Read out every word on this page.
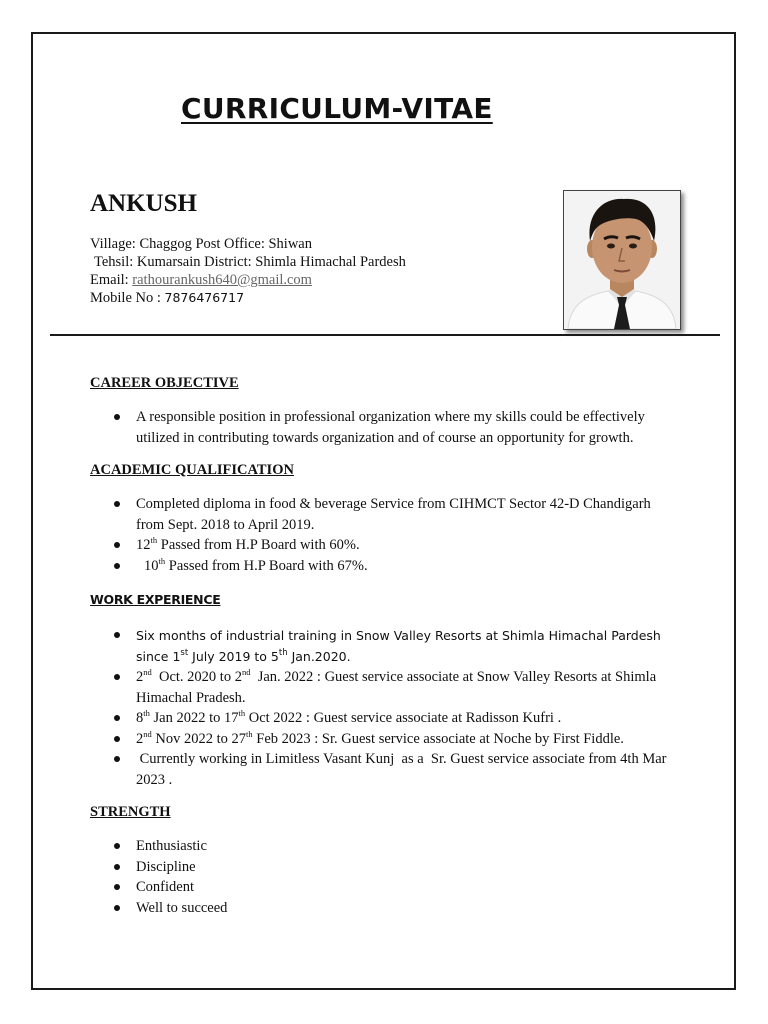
CURRICULUM-VITAE
ANKUSH
Village: Chaggog Post Office: Shiwan
Tehsil: Kumarsain District: Shimla Himachal Pardesh
Email: rathourankush640@gmail.com
Mobile No : 7876476717
CAREER OBJECTIVE
A responsible position in professional organization where my skills could be effectively utilized in contributing towards organization and of course an opportunity for growth.
ACADEMIC QUALIFICATION
Completed diploma in food & beverage Service from CIHMCT Sector 42-D Chandigarh from Sept. 2018 to April 2019.
12th Passed from H.P Board with 60%.
10th Passed from H.P Board with 67%.
WORK EXPERIENCE
Six months of industrial training in Snow Valley Resorts at Shimla Himachal Pardesh since 1st July 2019 to 5th Jan.2020.
2nd  Oct. 2020 to 2nd  Jan. 2022 : Guest service associate at Snow Valley Resorts at Shimla Himachal Pradesh.
8th Jan 2022 to 17th Oct 2022 : Guest service associate at Radisson Kufri .
2nd Nov 2022 to 27th Feb 2023 : Sr. Guest service associate at Noche by First Fiddle.
Currently working in Limitless Vasant Kunj  as a  Sr. Guest service associate from 4th Mar 2023 .
STRENGTH
Enthusiastic
Discipline
Confident
Well to succeed
